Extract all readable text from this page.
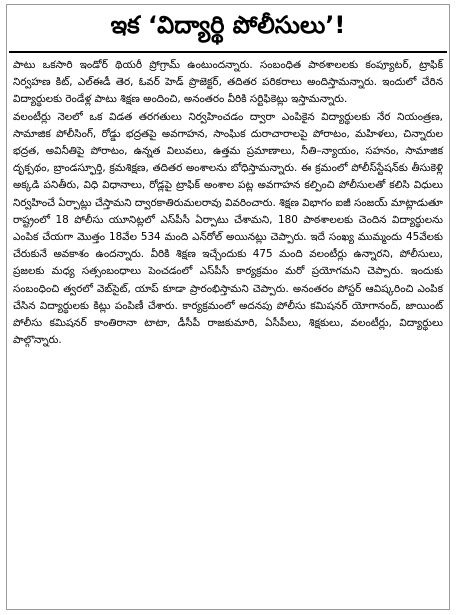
ఇక ‘విద్యార్థి పోలీసులు’!

పాటు ఒకసారి ఇండోర్ థియరీ ప్రోగ్రామ్ ఉంటుందన్నారు. సంబంధిత పాఠశాలలకు కంప్యూటర్, ట్రాఫిక్ నిర్వహణ కిట్, ఎల్ఈడీ తెర, ఓవర్ హెడ్ ప్రొజెక్టర్, తదితర పరికరాలు అందిస్తామన్నారు. ఇందులో చేరిన విద్యార్థులకు రెండేళ్ల పాటు శిక్షణ అందించి, అనంతరం వీరికి సర్టిఫికెట్లు ఇస్తామన్నారు.

వలంటీర్లు నెలలో ఒక విడత తరగతులు నిర్వహించడం ద్వారా ఎంపికైన విద్యార్థులకు నేర నియంత్రణ, సామాజిక పోలీసింగ్, రోడ్డు భద్రతపై అవగాహన, సాంఘిక దురాచారాలపై పోరాటం, మహిళలు, చిన్నారుల భద్రత, అవినీతిపై పోరాటం, ఉన్నత విలువలు, ఉత్తమ ప్రమాణాలు, నీతి–న్యాయం, సహనం, సామాజిక దృక్పథం, బ్రాండస్ఫూర్తి, క్రమశిక్షణ, తదితర అంశాలను బోధిస్తామన్నారు. ఈ క్రమంలో పోలీస్‌స్టేషన్‌కు తీసుకెళ్లి అక్కడి పనితీరు, విధి విధానాలు, రోడ్లపై ట్రాఫిక్ అంశాల పట్ల అవగాహన కల్పించి పోలీసులతో కలిసి విధులు నిర్వహించే ఏర్పాట్లు చేస్తామని ద్వారకాతిరుమలరావు వివరించారు. శిక్షణ విభాగం ఐజీ సంజయ్ మాట్లాడుతూ రాష్ట్రంలో 18 పోలీసు యూనిట్లలో ఎస్‌పీసీ ఏర్పాటు చేశామని, 180 పాఠశాలలకు చెందిన విద్యార్థులను ఎంపిక చేయగా మొత్తం 18వేల 534 మంది ఎన్‌రోల్ అయినట్లు చెప్పారు. ఇదే సంఖ్య ముమ్మందు 45వేలకు చేరుకునే అవకాశం ఉందన్నారు. వీరికి శిక్షణ ఇచ్చేందుకు 475 మంది వలంటీర్లు ఉన్నారని, పోలీసులు, ప్రజలకు మధ్య సత్సంబంధాలు పెంచడంలో ఎస్‌పీసీ కార్యక్రమం మరో ప్రయోగమని చెప్పారు. ఇందుకు సంబంధించి త్వరలో వెబ్‌సైట్, యాప్ కూడా ప్రారంభిస్తామని చెప్పారు. అనంతరం పోస్టర్ ఆవిష్కరించి ఎంపిక చేసిన విద్యార్థులకు కిట్లు పంపిణీ చేశారు. కార్యక్రమంలో అదనపు పోలీసు కమిషనర్ యోగానంద్, జాయింట్ పోలీసు కమిషనర్ కాంతిరానా టాటా, డీసీపీ రాజకుమారి, ఏసీపీలు, శిక్షకులు, వలంటీర్లు, విద్యార్థులు పాల్గొన్నారు.
